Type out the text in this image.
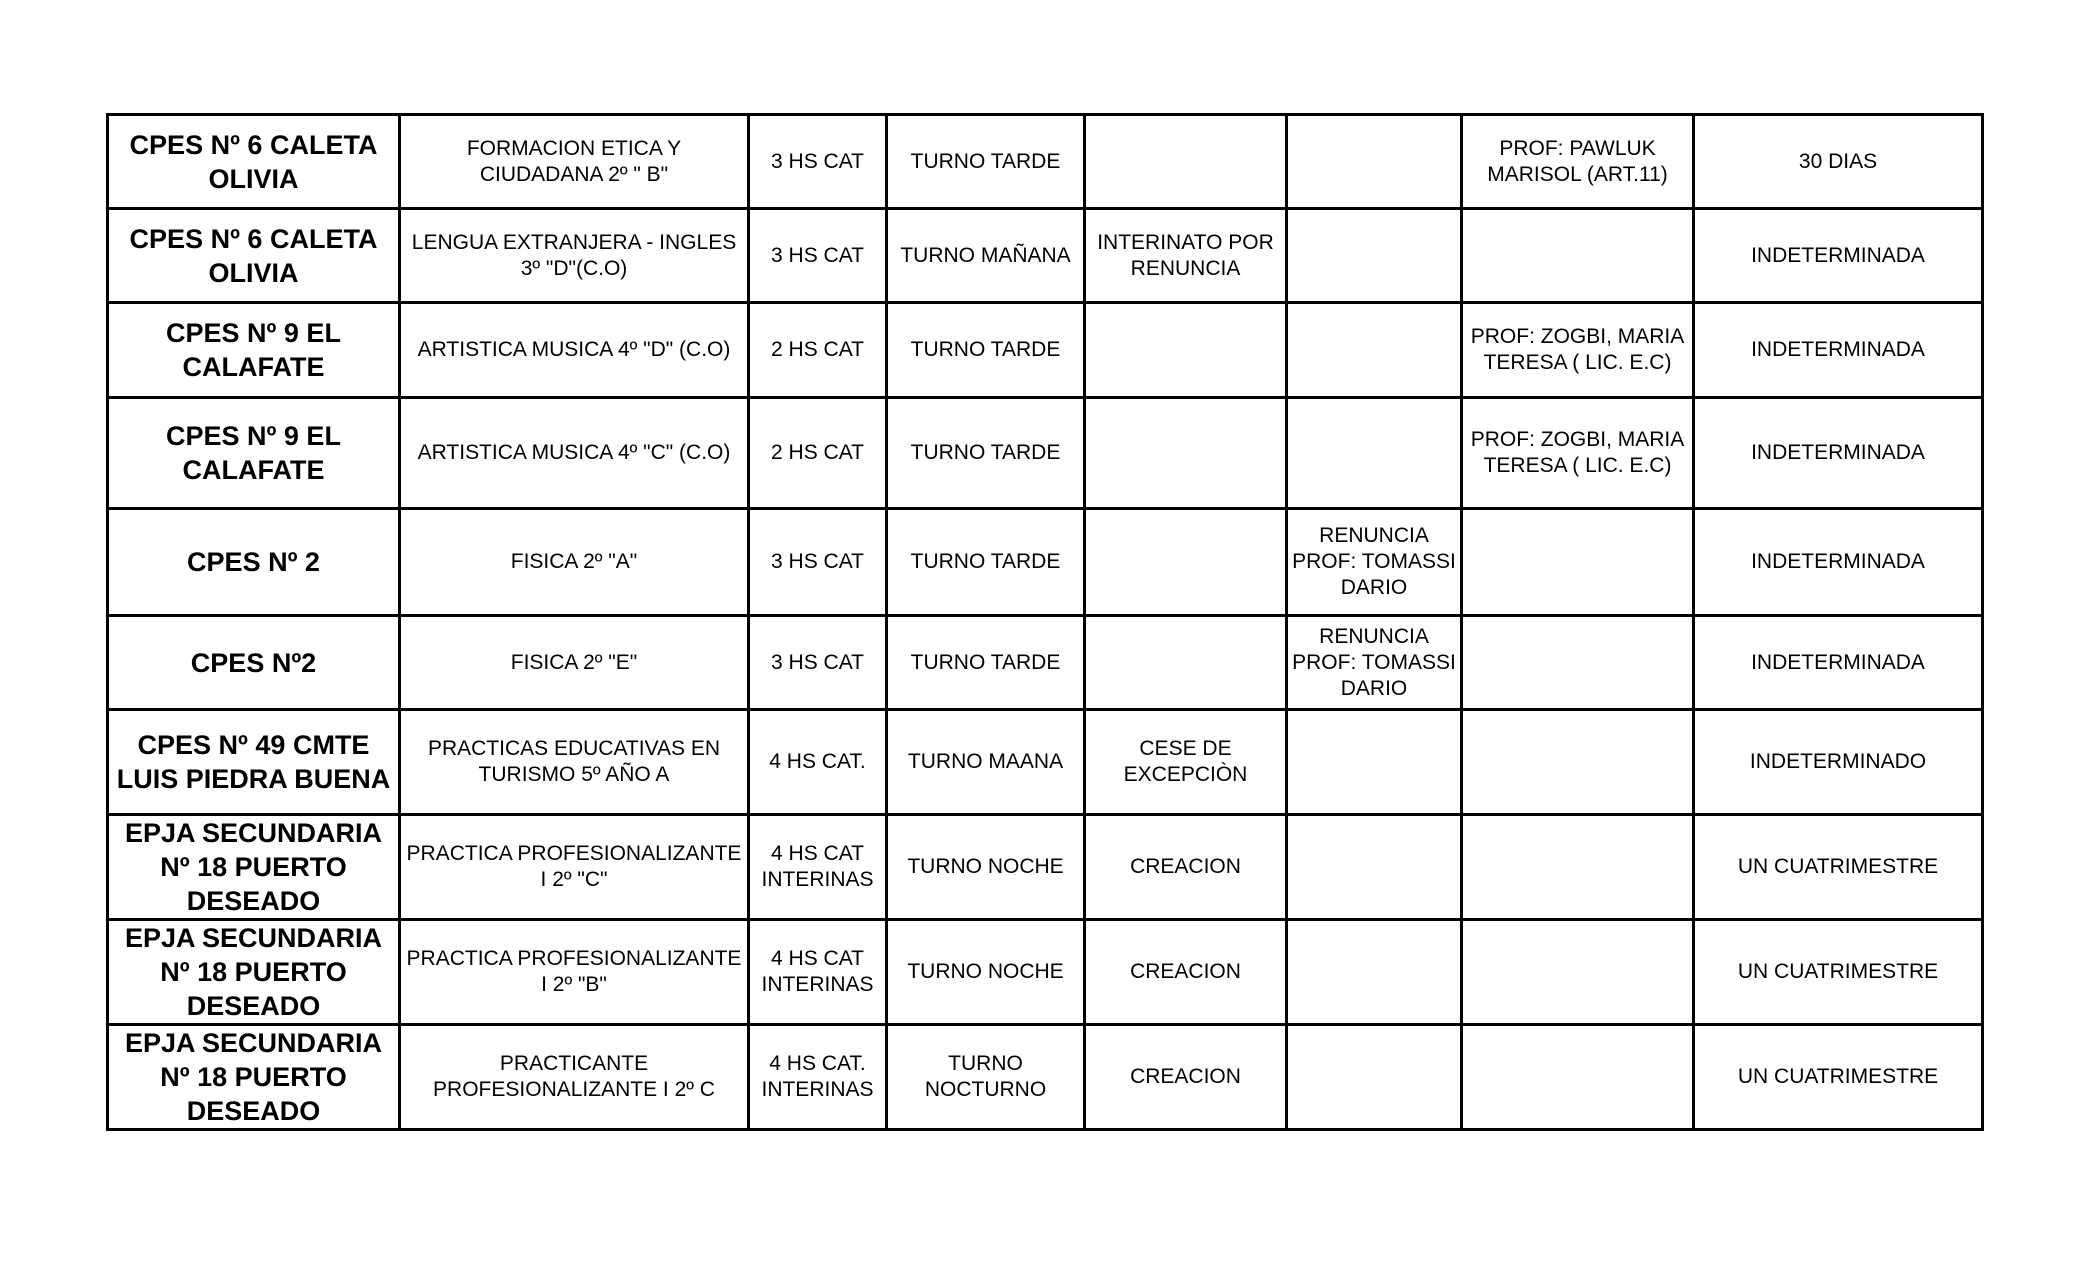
CPES Nº 6 CALETA OLIVIA	FORMACION ETICA Y CIUDADANA 2º " B"	3 HS CAT	TURNO TARDE			PROF: PAWLUK MARISOL (ART.11)	30 DIAS
CPES Nº 6 CALETA OLIVIA	LENGUA EXTRANJERA - INGLES 3º "D"(C.O)	3 HS CAT	TURNO MAÑANA	INTERINATO POR RENUNCIA			INDETERMINADA
CPES Nº 9 EL CALAFATE	ARTISTICA MUSICA 4º "D" (C.O)	2 HS CAT	TURNO TARDE			PROF: ZOGBI, MARIA TERESA ( LIC. E.C)	INDETERMINADA
CPES Nº 9 EL CALAFATE	ARTISTICA MUSICA 4º "C" (C.O)	2 HS CAT	TURNO TARDE			PROF: ZOGBI, MARIA TERESA ( LIC. E.C)	INDETERMINADA
CPES Nº 2	FISICA 2º "A"	3 HS CAT	TURNO TARDE		RENUNCIA PROF: TOMASSI DARIO		INDETERMINADA
CPES Nº2	FISICA 2º "E"	3 HS CAT	TURNO TARDE		RENUNCIA PROF: TOMASSI DARIO		INDETERMINADA
CPES Nº 49 CMTE LUIS PIEDRA BUENA	PRACTICAS EDUCATIVAS EN TURISMO 5º AÑO A	4 HS CAT.	TURNO MAANA	CESE DE EXCEPCIÒN			INDETERMINADO
EPJA SECUNDARIA Nº 18 PUERTO DESEADO	PRACTICA PROFESIONALIZANTE I 2º "C"	4 HS CAT INTERINAS	TURNO NOCHE	CREACION			UN CUATRIMESTRE
EPJA SECUNDARIA Nº 18 PUERTO DESEADO	PRACTICA PROFESIONALIZANTE I 2º "B"	4 HS CAT INTERINAS	TURNO NOCHE	CREACION			UN CUATRIMESTRE
EPJA SECUNDARIA Nº 18 PUERTO DESEADO	PRACTICANTE PROFESIONALIZANTE I 2º C	4 HS CAT. INTERINAS	TURNO NOCTURNO	CREACION			UN CUATRIMESTRE
